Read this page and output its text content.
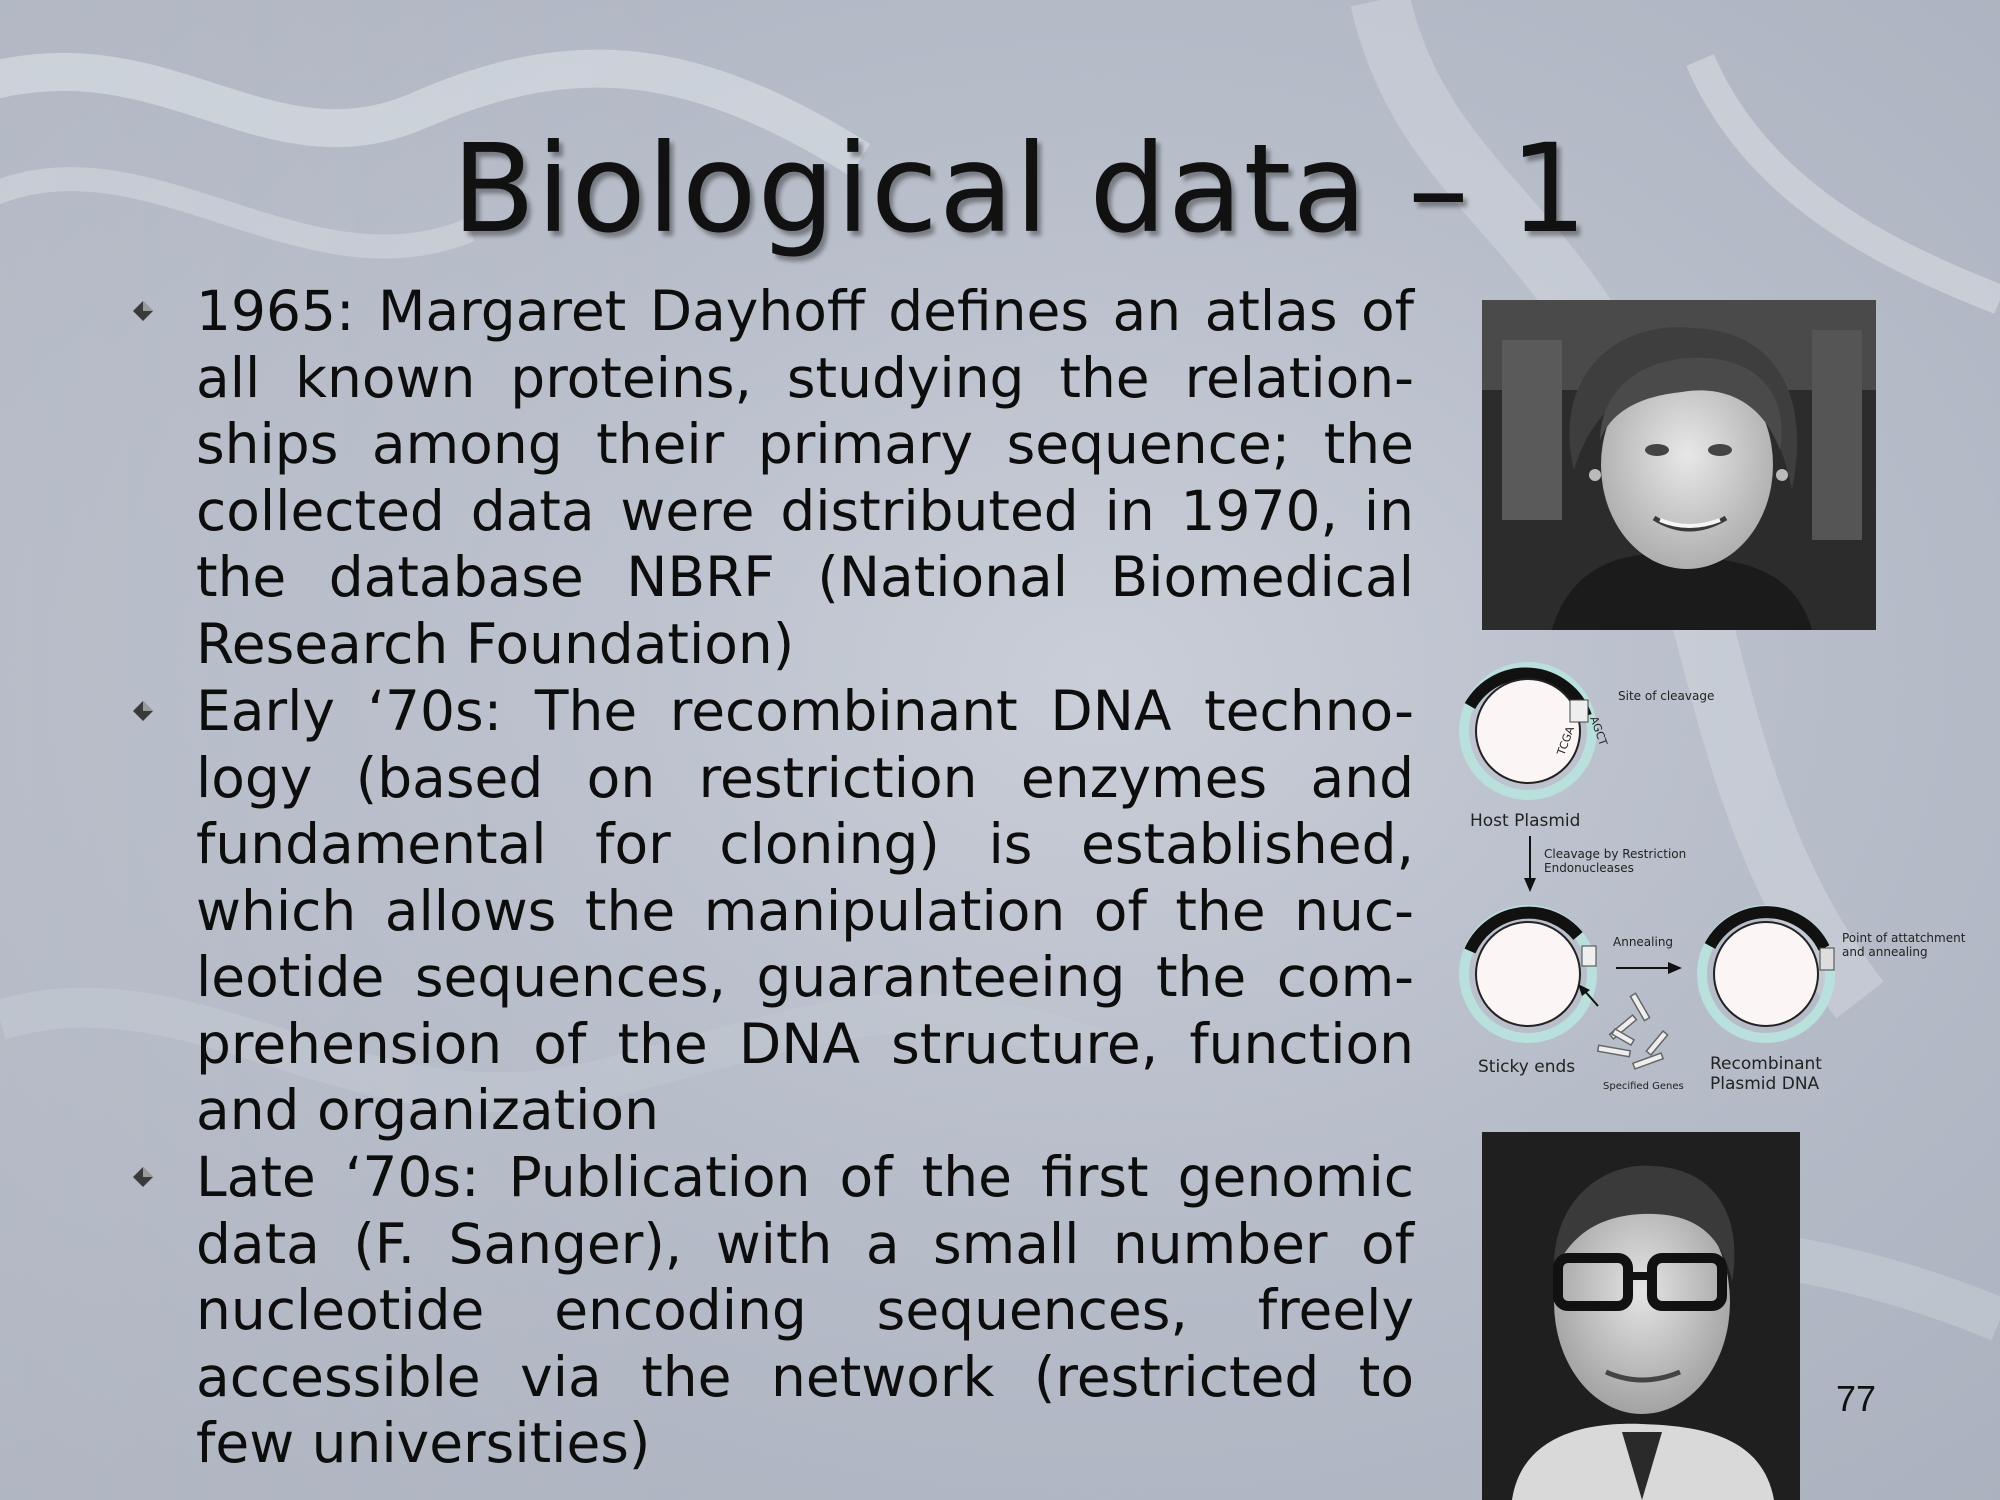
Biological data – 1
1965: Margaret Dayhoff defines an atlas of all known proteins, studying the relation-ships among their primary sequence; the collected data were distributed in 1970, in the database NBRF (National Biomedical Research Foundation)
Early ‘70s: The recombinant DNA techno-logy (based on restriction enzymes and fundamental for cloning) is established, which allows the manipulation of the nuc-leotide sequences, guaranteeing the com-prehension of the DNA structure, function and organization
Late ‘70s: Publication of the first genomic data (F. Sanger), with a small number of nucleotide encoding sequences, freely accessible via the network (restricted to few universities)
TCGA AGCT
Site of cleavage
Host Plasmid
Cleavage by Restriction
Endonucleases
Sticky ends
Annealing
Specified Genes
Point of attatchment
and annealing
Recombinant
Plasmid DNA
77
